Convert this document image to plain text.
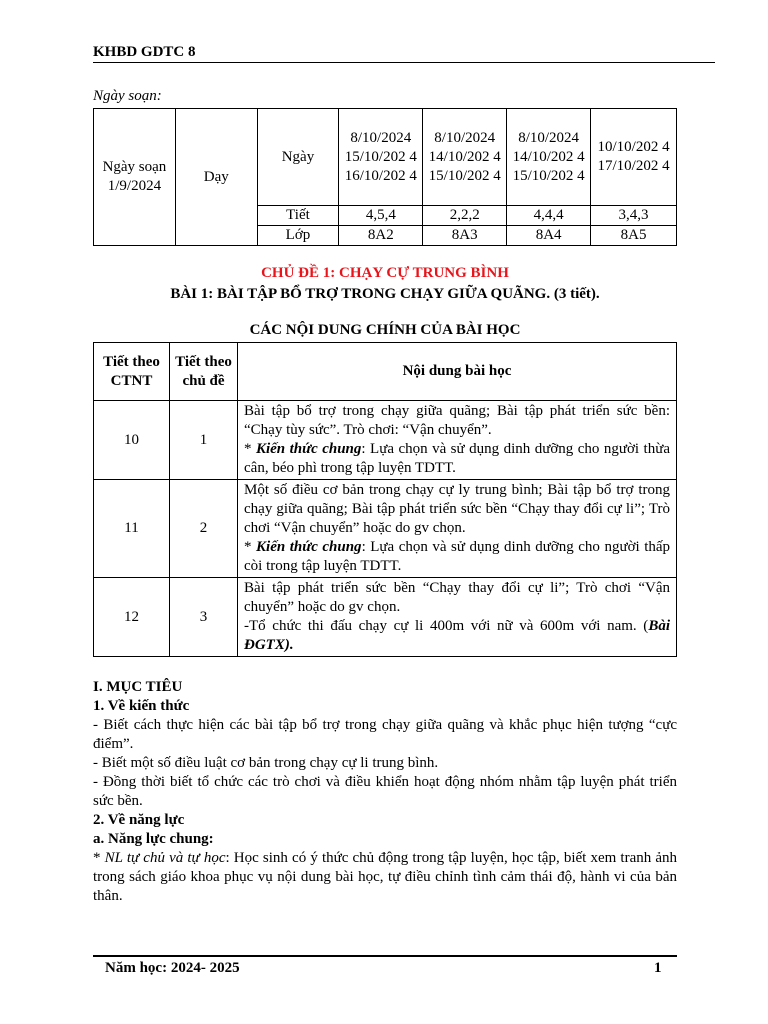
KHBD GDTC 8
Ngày soạn:
Ngày soạn 1/9/2024	Dạy	Ngày	8/10/2024 15/10/202 4 16/10/202 4	8/10/2024 14/10/202 4 15/10/202 4	8/10/2024 14/10/202 4 15/10/202 4	10/10/202 4 17/10/202 4
		Tiết	4,5,4	2,2,2	4,4,4	3,4,3
		Lớp	8A2	8A3	8A4	8A5
CHỦ ĐỀ 1: CHẠY CỰ TRUNG BÌNH
BÀI 1: BÀI TẬP BỔ TRỢ TRONG CHẠY GIỮA QUÃNG. (3 tiết).
CÁC NỘI DUNG CHÍNH CỦA BÀI HỌC
Tiết theo CTNT	Tiết theo chủ đề	Nội dung bài học
10	1	Bài tập bổ trợ trong chạy giữa quãng; Bài tập phát triển sức bền: “Chạy tùy sức”. Trò chơi: “Vận chuyển”.

* Kiến thức chung: Lựa chọn và sử dụng dinh dưỡng cho người thừa cân, béo phì trong tập luyện TDTT.

11	2	Một số điều cơ bản trong chạy cự ly trung bình; Bài tập bổ trợ trong chạy giữa quãng; Bài tập phát triển sức bền “Chạy thay đổi cự li”; Trò chơi “Vận chuyển” hoặc do gv chọn.

* Kiến thức chung: Lựa chọn và sử dụng dinh dưỡng cho người thấp còi trong tập luyện TDTT.

12	3	Bài tập phát triển sức bền “Chạy thay đổi cự li”; Trò chơi “Vận chuyển” hoặc do gv chọn.

-Tổ chức thi đấu chạy cự li 400m với nữ và 600m với nam. (Bài ĐGTX).

I. MỤC TIÊU

1. Về kiến thức

- Biết cách thực hiện các bài tập bổ trợ trong chạy giữa quãng và khắc phục hiện tượng “cực điểm”.

- Biết một số điều luật cơ bản trong chạy cự li trung bình.

- Đồng thời biết tổ chức các trò chơi và điều khiển hoạt động nhóm nhằm tập luyện phát triển sức bền.

2. Về năng lực

a. Năng lực chung:

* NL tự chủ và tự học: Học sinh có ý thức chủ động trong tập luyện, học tập, biết xem tranh ảnh trong sách giáo khoa phục vụ nội dung bài học, tự điều chỉnh tình cảm thái độ, hành vi của bản thân.

Năm học: 2024- 2025	1
